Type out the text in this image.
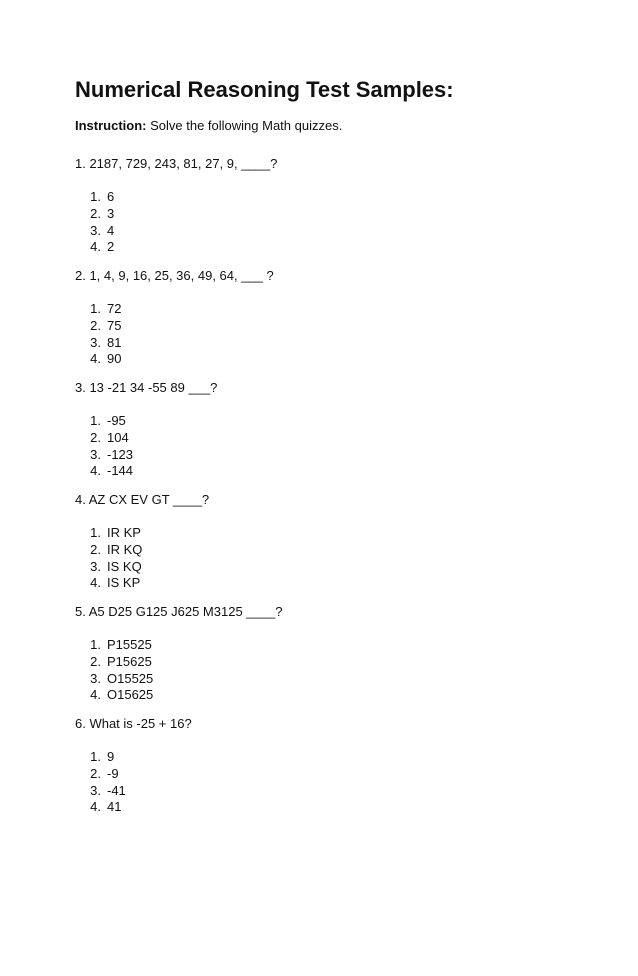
Numerical Reasoning Test Samples:

Instruction: Solve the following Math quizzes.

1. 2187, 729, 243, 81, 27, 9, ____?

1. 6
2. 3
3. 4
4. 2

2. 1, 4, 9, 16, 25, 36, 49, 64, ___ ?

1. 72
2. 75
3. 81
4. 90

3. 13 -21 34 -55 89 ___?

1. -95
2. 104
3. -123
4. -144

4. AZ CX EV GT ____?

1. IR KP
2. IR KQ
3. IS KQ
4. IS KP

5. A5 D25 G125 J625 M3125 ____?

1. P15525
2. P15625
3. O15525
4. O15625

6. What is -25 + 16?

1. 9
2. -9
3. -41
4. 41
